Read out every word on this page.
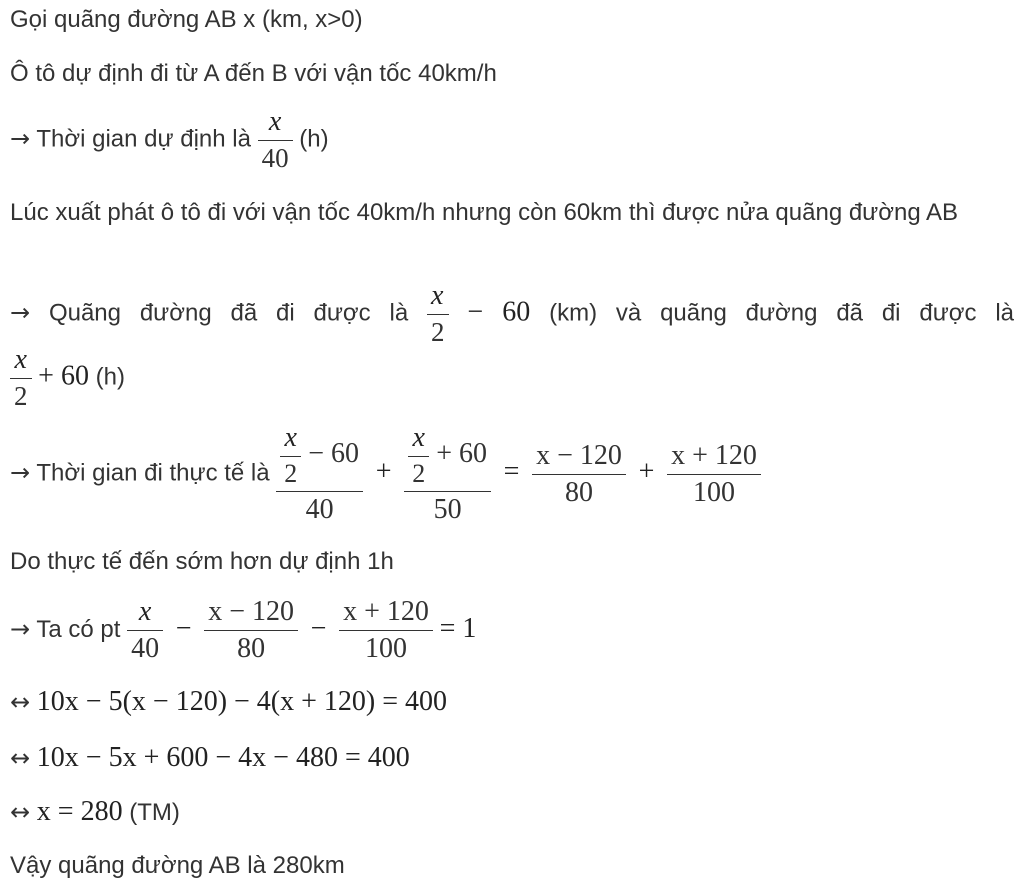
Gọi quãng đường AB x (km, x>0)
Ô tô dự định đi từ A đến B với vận tốc 40km/h
→ Thời gian dự định là $\frac{x}{40} (h)$
Lúc xuất phát ô tô đi với vận tốc 40km/h nhưng còn 60km thì được nửa quãng đường AB
→ Quãng đường đã đi được là $\frac{x}{2} - 60$ (km) và quãng đường đã đi được là
$\frac{x}{2} + 60$ (h)
→ Thời gian đi thực tế là $\frac{\frac{x}{2} - 60}{40} + \frac{\frac{x}{2} + 60}{50} = \frac{x - 120}{80} + \frac{x + 120}{100}$
Do thực tế đến sớm hơn dự định 1h
→ Ta có pt $\frac{x}{40} - \frac{x - 120}{80} - \frac{x + 120}{100} = 1$
↔ 10x − 5(x − 120) − 4(x + 120) = 400
↔ 10x − 5x + 600 − 4x − 480 = 400
↔ x = 280 (TM)
Vậy quãng đường AB là 280km
